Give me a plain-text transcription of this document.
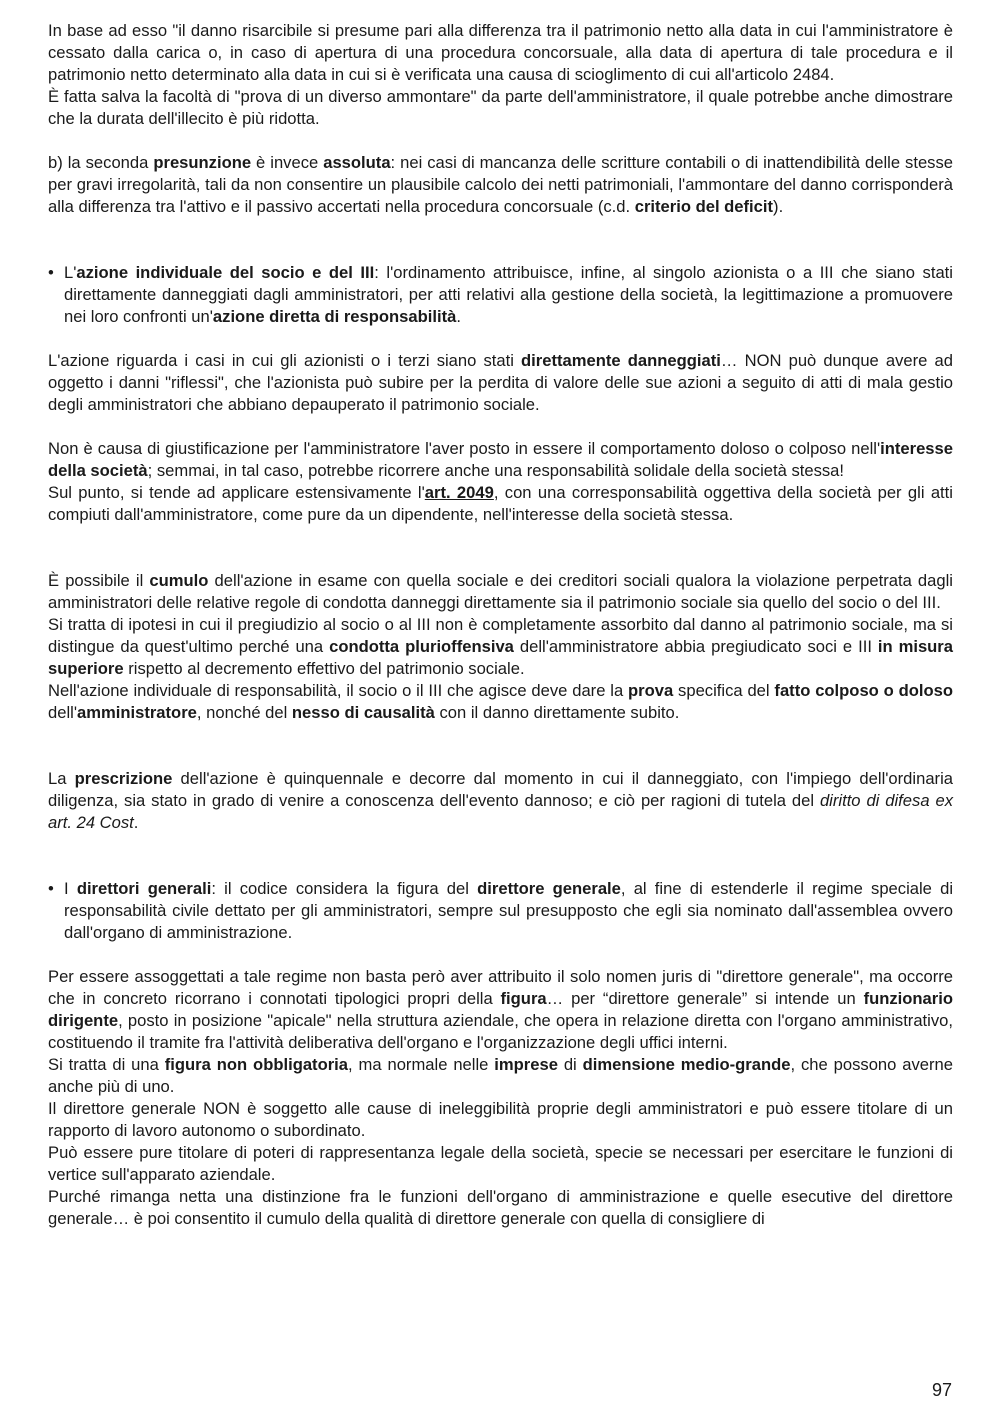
In base ad esso "il danno risarcibile si presume pari alla differenza tra il patrimonio netto alla data in cui l'amministratore è cessato dalla carica o, in caso di apertura di una procedura concorsuale, alla data di apertura di tale procedura e il patrimonio netto determinato alla data in cui si è verificata una causa di scioglimento di cui all'articolo 2484.

È fatta salva la facoltà di "prova di un diverso ammontare" da parte dell'amministratore, il quale potrebbe anche dimostrare che la durata dell'illecito è più ridotta.

b) la seconda presunzione è invece assoluta: nei casi di mancanza delle scritture contabili o di inattendibilità delle stesse per gravi irregolarità, tali da non consentire un plausibile calcolo dei netti patrimoniali, l'ammontare del danno corrisponderà alla differenza tra l'attivo e il passivo accertati nella procedura concorsuale (c.d. criterio del deficit).

• L'azione individuale del socio e del III: l'ordinamento attribuisce, infine, al singolo azionista o a III che siano stati direttamente danneggiati dagli amministratori, per atti relativi alla gestione della società, la legittimazione a promuovere nei loro confronti un'azione diretta di responsabilità.

L'azione riguarda i casi in cui gli azionisti o i terzi siano stati direttamente danneggiati… NON può dunque avere ad oggetto i danni "riflessi", che l'azionista può subire per la perdita di valore delle sue azioni a seguito di atti di mala gestio degli amministratori che abbiano depauperato il patrimonio sociale.

Non è causa di giustificazione per l'amministratore l'aver posto in essere il comportamento doloso o colposo nell'interesse della società; semmai, in tal caso, potrebbe ricorrere anche una responsabilità solidale della società stessa!

Sul punto, si tende ad applicare estensivamente l'art. 2049, con una corresponsabilità oggettiva della società per gli atti compiuti dall'amministratore, come pure da un dipendente, nell'interesse della società stessa.

È possibile il cumulo dell'azione in esame con quella sociale e dei creditori sociali qualora la violazione perpetrata dagli amministratori delle relative regole di condotta danneggi direttamente sia il patrimonio sociale sia quello del socio o del III.

Si tratta di ipotesi in cui il pregiudizio al socio o al III non è completamente assorbito dal danno al patrimonio sociale, ma si distingue da quest'ultimo perché una condotta plurioffensiva dell'amministratore abbia pregiudicato soci e III in misura superiore rispetto al decremento effettivo del patrimonio sociale.

Nell'azione individuale di responsabilità, il socio o il III che agisce deve dare la prova specifica del fatto colposo o doloso dell'amministratore, nonché del nesso di causalità con il danno direttamente subito.

La prescrizione dell'azione è quinquennale e decorre dal momento in cui il danneggiato, con l'impiego dell'ordinaria diligenza, sia stato in grado di venire a conoscenza dell'evento dannoso; e ciò per ragioni di tutela del diritto di difesa ex art. 24 Cost.

• I direttori generali: il codice considera la figura del direttore generale, al fine di estenderle il regime speciale di responsabilità civile dettato per gli amministratori, sempre sul presupposto che egli sia nominato dall'assemblea ovvero dall'organo di amministrazione.

Per essere assoggettati a tale regime non basta però aver attribuito il solo nomen juris di "direttore generale", ma occorre che in concreto ricorrano i connotati tipologici propri della figura… per “direttore generale” si intende un funzionario dirigente, posto in posizione "apicale" nella struttura aziendale, che opera in relazione diretta con l'organo amministrativo, costituendo il tramite fra l'attività deliberativa dell'organo e l'organizzazione degli uffici interni.

Si tratta di una figura non obbligatoria, ma normale nelle imprese di dimensione medio-grande, che possono averne anche più di uno.

Il direttore generale NON è soggetto alle cause di ineleggibilità proprie degli amministratori e può essere titolare di un rapporto di lavoro autonomo o subordinato.

Può essere pure titolare di poteri di rappresentanza legale della società, specie se necessari per esercitare le funzioni di vertice sull'apparato aziendale.

Purché rimanga netta una distinzione fra le funzioni dell'organo di amministrazione e quelle esecutive del direttore generale… è poi consentito il cumulo della qualità di direttore generale con quella di consigliere di

97
